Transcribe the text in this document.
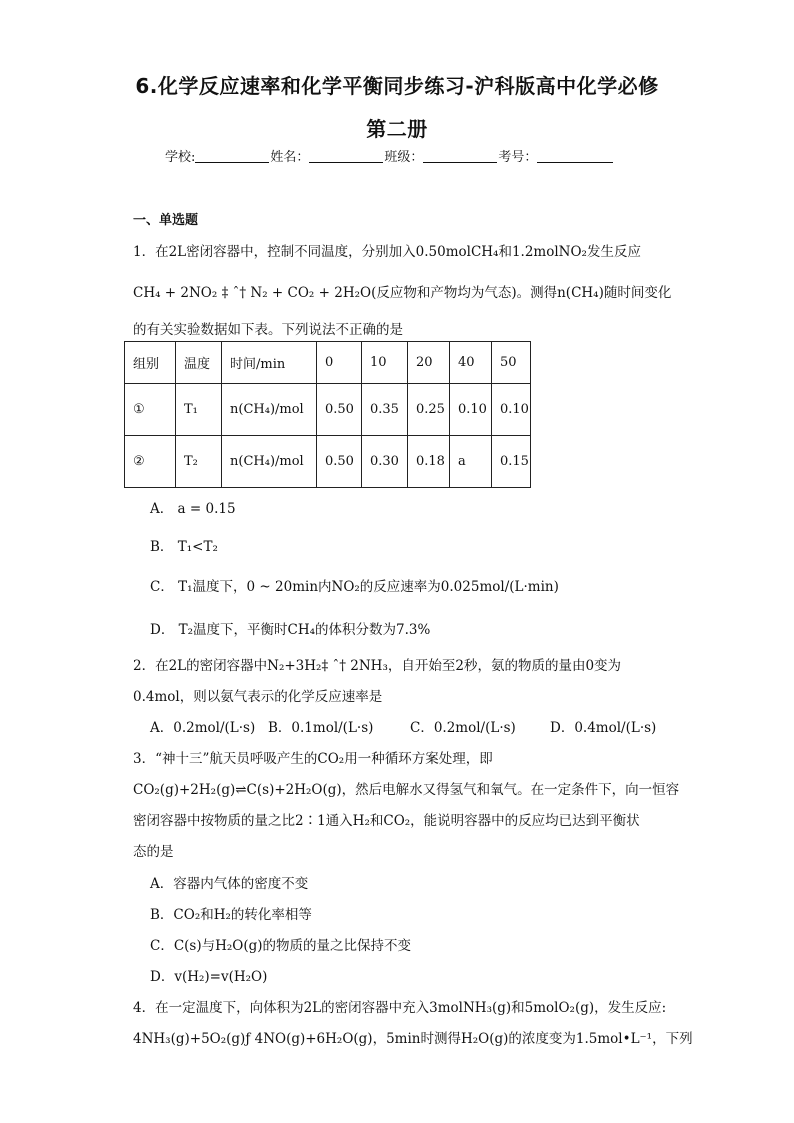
6.化学反应速率和化学平衡同步练习-沪科版高中化学必修
第二册
学校:	姓名：	班级：	考号：
一、单选题
1．在2L密闭容器中，控制不同温度，分别加入0.50molCH₄和1.2molNO₂发生反应
CH₄ + 2NO₂ ‡ ˆ† N₂ + CO₂ + 2H₂O(反应物和产物均为气态)。测得n(CH₄)随时间变化
的有关实验数据如下表。下列说法不正确的是
组别	温度	时间/min	0	10	20	40	50
①	T₁	n(CH₄)/mol	0.50	0.35	0.25	0.10	0.10
②	T₂	n(CH₄)/mol	0.50	0.30	0.18	a	0.15
A． a = 0.15
B． T₁<T₂
C． T₁温度下，0 ~ 20min内NO₂的反应速率为0.025mol/(L·min)
D． T₂温度下，平衡时CH₄的体积分数为7.3%
2．在2L的密闭容器中N₂+3H₂‡ ˆ† 2NH₃，自开始至2秒，氨的物质的量由0变为
0.4mol，则以氨气表示的化学反应速率是
A．0.2mol/(L·s) B．0.1mol/(L·s)	C．0.2mol/(L·s)	D．0.4mol/(L·s)
3．“神十三”航天员呼吸产生的CO₂用一种循环方案处理，即
CO₂(g)+2H₂(g)⇌C(s)+2H₂O(g)，然后电解水又得氢气和氧气。在一定条件下，向一恒容
密闭容器中按物质的量之比2∶1通入H₂和CO₂，能说明容器中的反应均已达到平衡状
态的是
A．容器内气体的密度不变
B．CO₂和H₂的转化率相等
C．C(s)与H₂O(g)的物质的量之比保持不变
D．v(H₂)=v(H₂O)
4．在一定温度下，向体积为2L的密闭容器中充入3molNH₃(g)和5molO₂(g)，发生反应:
4NH₃(g)+5O₂(g)ƒ 4NO(g)+6H₂O(g)，5min时测得H₂O(g)的浓度变为1.5mol•L⁻¹，下列
